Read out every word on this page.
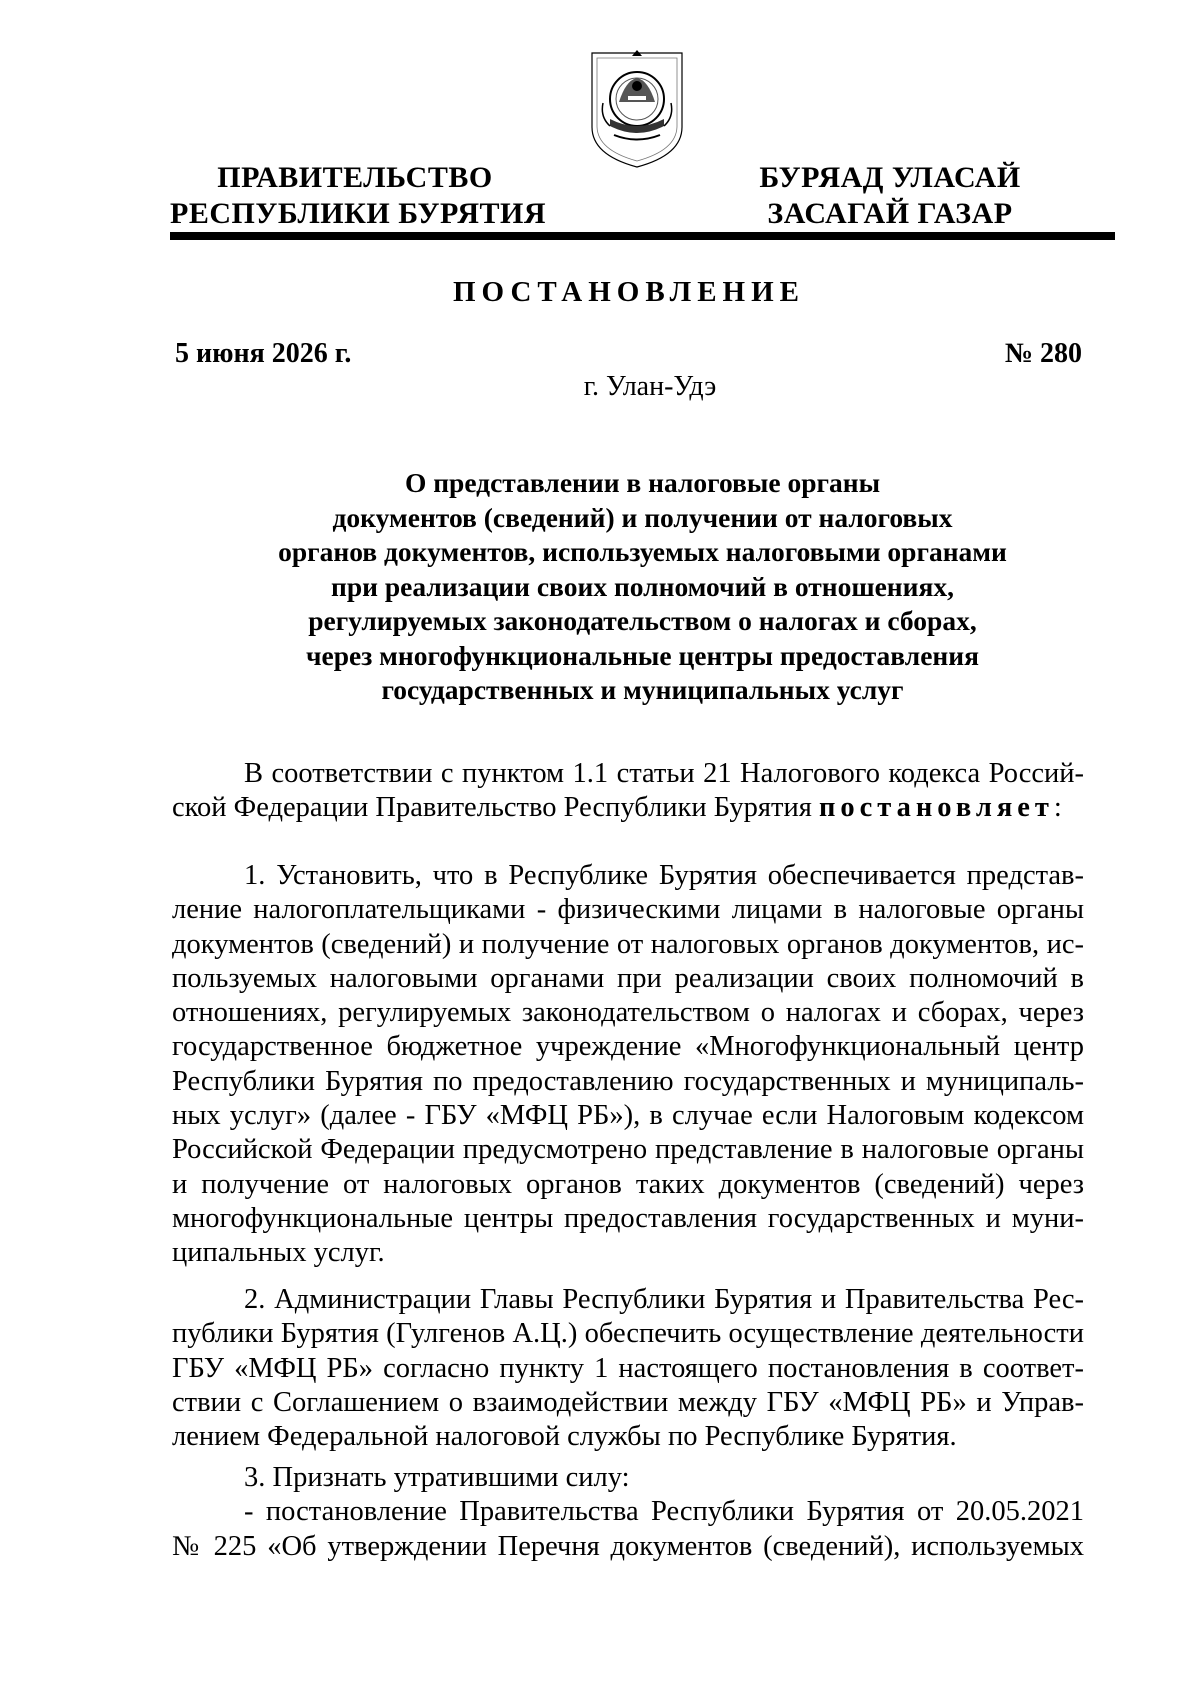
ПРАВИТЕЛЬСТВО
РЕСПУБЛИКИ БУРЯТИЯ
БУРЯАД УЛАСАЙ
ЗАСАГАЙ ГАЗАР
ПОСТАНОВЛЕНИЕ
5 июня 2026 г.	№ 280
г. Улан-Удэ
О представлении в налоговые органы
документов (сведений) и получении от налоговых
органов документов, используемых налоговыми органами
при реализации своих полномочий в отношениях,
регулируемых законодательством о налогах и сборах,
через многофункциональные центры предоставления
государственных и муниципальных услуг
В соответствии с пунктом 1.1 статьи 21 Налогового кодекса Россий-
ской Федерации Правительство Республики Бурятия постановляет:
1. Установить, что в Республике Бурятия обеспечивается представ-
ление налогоплательщиками - физическими лицами в налоговые органы
документов (сведений) и получение от налоговых органов документов, ис-
пользуемых налоговыми органами при реализации своих полномочий в
отношениях, регулируемых законодательством о налогах и сборах, через
государственное бюджетное учреждение «Многофункциональный центр
Республики Бурятия по предоставлению государственных и муниципаль-
ных услуг» (далее - ГБУ «МФЦ РБ»), в случае если Налоговым кодексом
Российской Федерации предусмотрено представление в налоговые органы
и получение от налоговых органов таких документов (сведений) через
многофункциональные центры предоставления государственных и муни-
ципальных услуг.
2. Администрации Главы Республики Бурятия и Правительства Рес-
публики Бурятия (Гулгенов А.Ц.) обеспечить осуществление деятельности
ГБУ «МФЦ РБ» согласно пункту 1 настоящего постановления в соответ-
ствии с Соглашением о взаимодействии между ГБУ «МФЦ РБ» и Управ-
лением Федеральной налоговой службы по Республике Бурятия.
3. Признать утратившими силу:
- постановление Правительства Республики Бурятия от 20.05.2021
№ 225 «Об утверждении Перечня документов (сведений), используемых
